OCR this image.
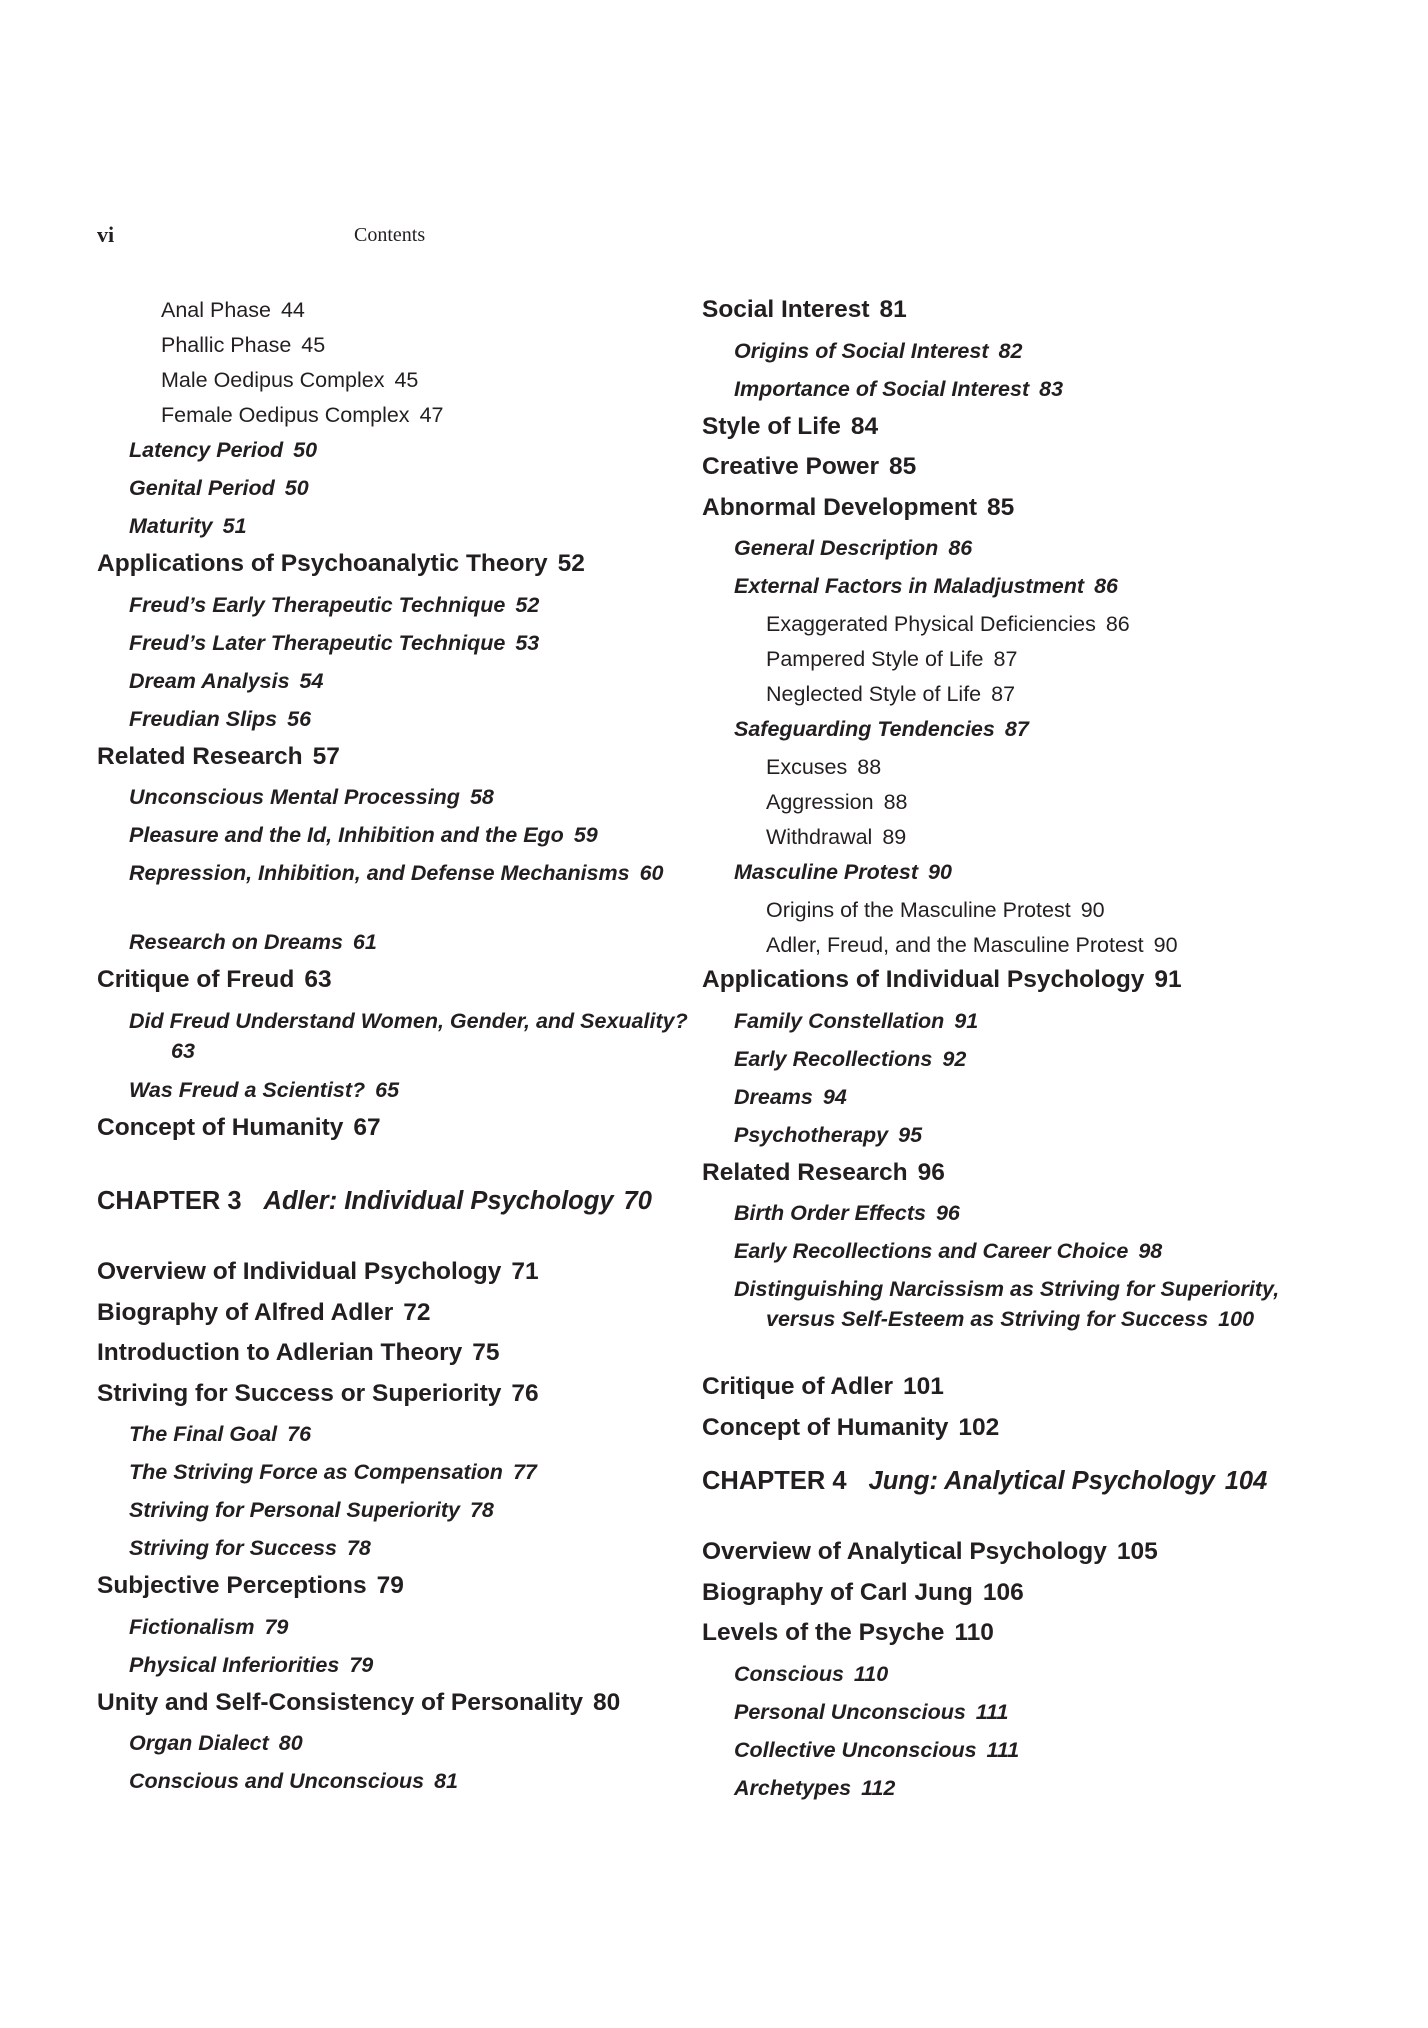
vi	Contents
Anal Phase 44
Phallic Phase 45
Male Oedipus Complex 45
Female Oedipus Complex 47
Latency Period 50
Genital Period 50
Maturity 51
Applications of Psychoanalytic Theory 52
Freud’s Early Therapeutic Technique 52
Freud’s Later Therapeutic Technique 53
Dream Analysis 54
Freudian Slips 56
Related Research 57
Unconscious Mental Processing 58
Pleasure and the Id, Inhibition and the Ego 59
Repression, Inhibition, and Defense Mechanisms 60
Research on Dreams 61
Critique of Freud 63
Did Freud Understand Women, Gender, and Sexuality?63
Was Freud a Scientist? 65
Concept of Humanity 67
CHAPTER 3 Adler: Individual Psychology 70
Overview of Individual Psychology 71
Biography of Alfred Adler 72
Introduction to Adlerian Theory 75
Striving for Success or Superiority 76
The Final Goal 76
The Striving Force as Compensation 77
Striving for Personal Superiority 78
Striving for Success 78
Subjective Perceptions 79
Fictionalism 79
Physical Inferiorities 79
Unity and Self-Consistency of Personality 80
Organ Dialect 80
Conscious and Unconscious 81
Social Interest 81
Origins of Social Interest 82
Importance of Social Interest 83
Style of Life 84
Creative Power 85
Abnormal Development 85
General Description 86
External Factors in Maladjustment 86
Exaggerated Physical Deficiencies 86
Pampered Style of Life 87
Neglected Style of Life 87
Safeguarding Tendencies 87
Excuses 88
Aggression 88
Withdrawal 89
Masculine Protest 90
Origins of the Masculine Protest 90
Adler, Freud, and the Masculine Protest 90
Applications of Individual Psychology 91
Family Constellation 91
Early Recollections 92
Dreams 94
Psychotherapy 95
Related Research 96
Birth Order Effects 96
Early Recollections and Career Choice 98
Distinguishing Narcissism as Striving for Superiority, versus Self-Esteem as Striving for Success 100
Critique of Adler 101
Concept of Humanity 102
CHAPTER 4 Jung: Analytical Psychology 104
Overview of Analytical Psychology 105
Biography of Carl Jung 106
Levels of the Psyche 110
Conscious 110
Personal Unconscious 111
Collective Unconscious 111
Archetypes 112
